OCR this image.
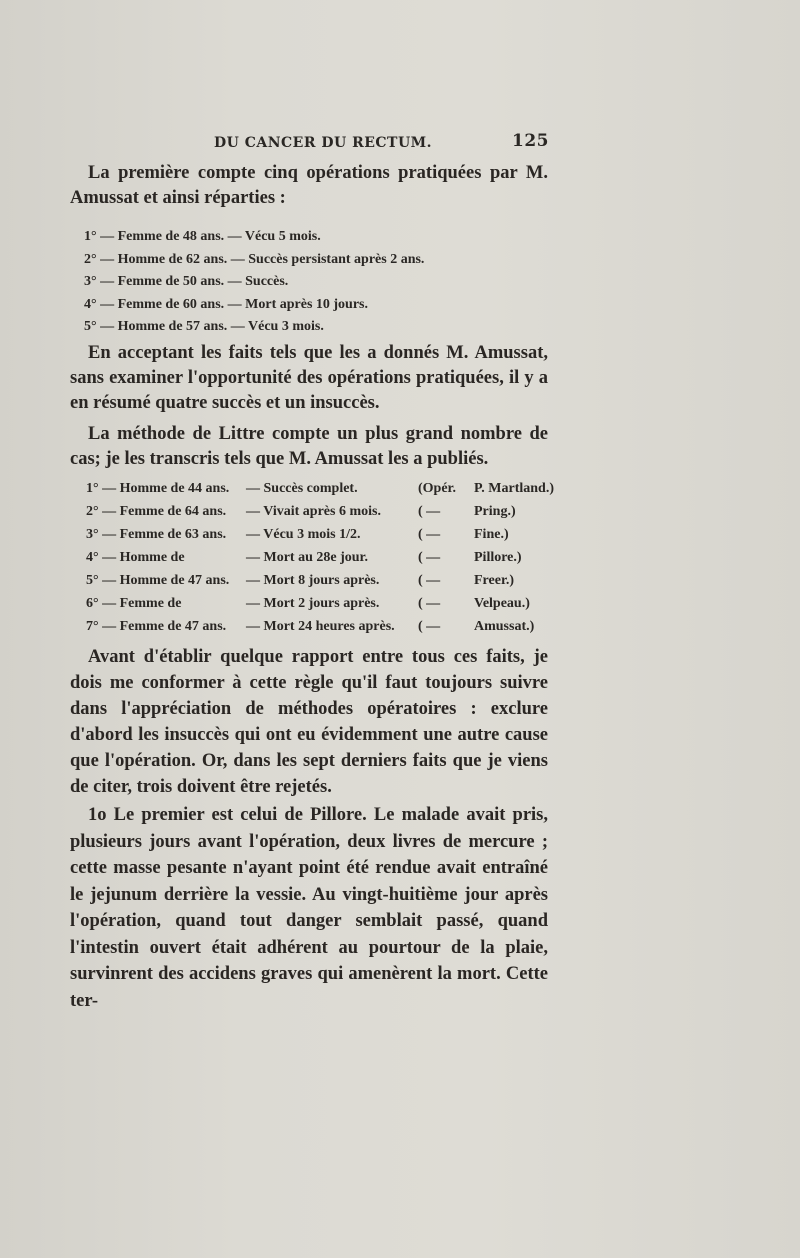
DU CANCER DU RECTUM.	125

La première compte cinq opérations pratiquées par M. Amussat et ainsi réparties :

1° — Femme de 48 ans. — Vécu 5 mois.
2° — Homme de 62 ans. — Succès persistant après 2 ans.
3° — Femme de 50 ans. — Succès.
4° — Femme de 60 ans. — Mort après 10 jours.
5° — Homme de 57 ans. — Vécu 3 mois.

En acceptant les faits tels que les a donnés M. Amussat, sans examiner l'opportunité des opérations pratiquées, il y a en résumé quatre succès et un insuccès.

La méthode de Littre compte un plus grand nombre de cas; je les transcris tels que M. Amussat les a publiés.

1° — Homme de 44 ans. — Succès complet.	(Opér. P. Martland.)
2° — Femme de 64 ans. — Vivait après 6 mois.	( — Pring.)
3° — Femme de 63 ans. — Vécu 3 mois 1/2.	( — Fine.)
4° — Homme de	— Mort au 28e jour.	( — Pillore.)
5° — Homme de 47 ans. — Mort 8 jours après.	( — Freer.)
6° — Femme de	— Mort 2 jours après.	( — Velpeau.)
7° — Femme de 47 ans. — Mort 24 heures après. ( — Amussat.)

Avant d'établir quelque rapport entre tous ces faits, je dois me conformer à cette règle qu'il faut toujours suivre dans l'appréciation de méthodes opératoires : exclure d'abord les insuccès qui ont eu évidemment une autre cause que l'opération. Or, dans les sept derniers faits que je viens de citer, trois doivent être rejetés.

1o Le premier est celui de Pillore. Le malade avait pris, plusieurs jours avant l'opération, deux livres de mercure ; cette masse pesante n'ayant point été rendue avait entraîné le jejunum derrière la vessie. Au vingt-huitième jour après l'opération, quand tout danger semblait passé, quand l'intestin ouvert était adhérent au pourtour de la plaie, survinrent des accidens graves qui amenèrent la mort. Cette ter-
